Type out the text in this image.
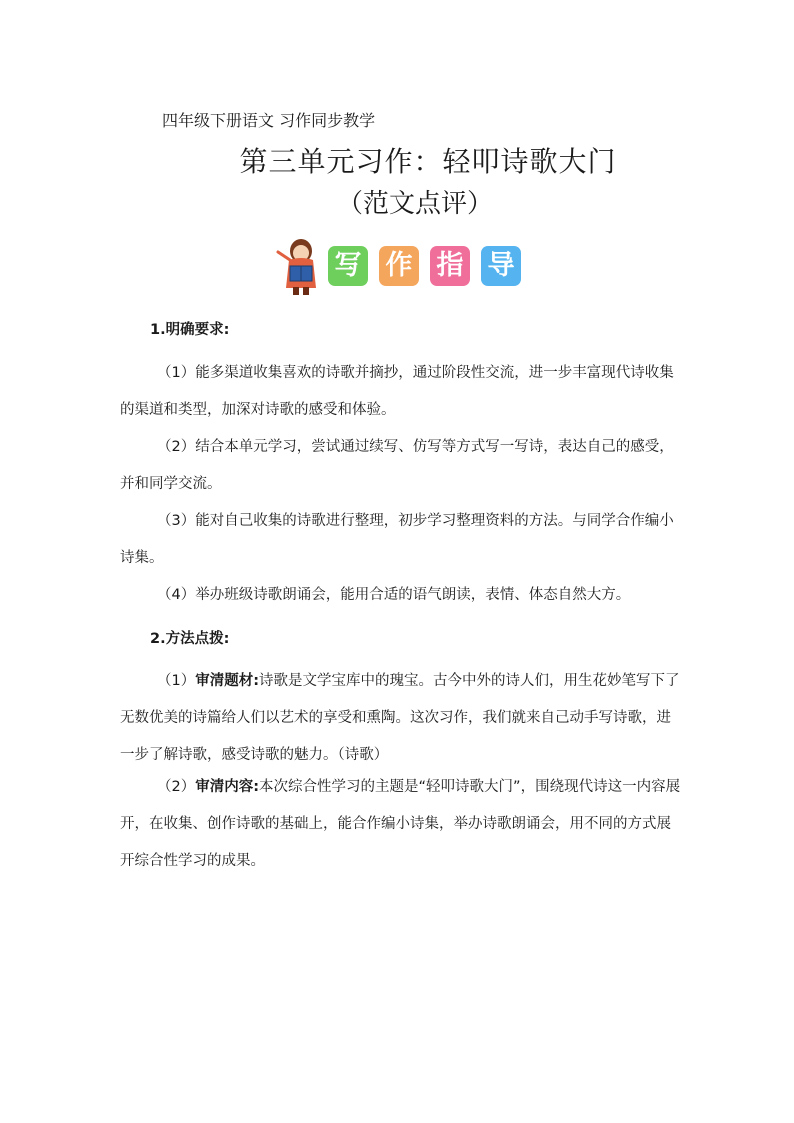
四年级下册语文 习作同步教学
第三单元习作：轻叩诗歌大门
（范文点评）
写 作 指 导
1.明确要求:
（1）能多渠道收集喜欢的诗歌并摘抄，通过阶段性交流，进一步丰富现代诗收集的渠道和类型，加深对诗歌的感受和体验。
（2）结合本单元学习，尝试通过续写、仿写等方式写一写诗，表达自己的感受，并和同学交流。
（3）能对自己收集的诗歌进行整理，初步学习整理资料的方法。与同学合作编小诗集。
（4）举办班级诗歌朗诵会，能用合适的语气朗读，表情、体态自然大方。
2.方法点拨:
（1）审清题材:诗歌是文学宝库中的瑰宝。古今中外的诗人们，用生花妙笔写下了无数优美的诗篇给人们以艺术的享受和熏陶。这次习作，我们就来自己动手写诗歌，进一步了解诗歌，感受诗歌的魅力。（诗歌）
（2）审清内容:本次综合性学习的主题是“轻叩诗歌大门”，围绕现代诗这一内容展开，在收集、创作诗歌的基础上，能合作编小诗集，举办诗歌朗诵会，用不同的方式展开综合性学习的成果。
